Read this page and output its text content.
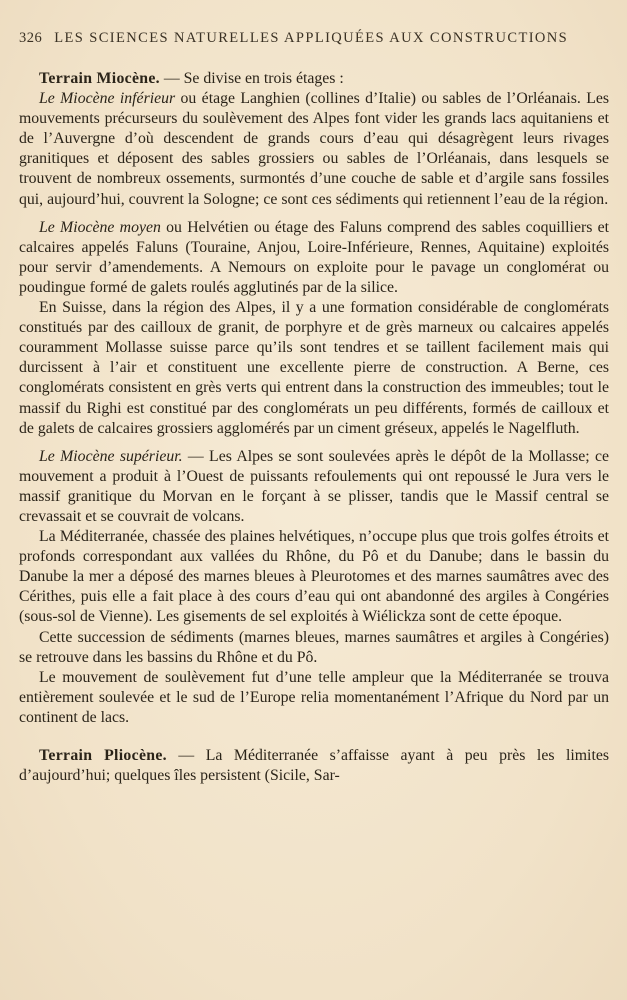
326 LES SCIENCES NATURELLES APPLIQUÉES AUX CONSTRUCTIONS

Terrain Miocène. — Se divise en trois étages :

Le Miocène inférieur ou étage Langhien (collines d’Italie) ou sables de l’Orléanais. Les mouvements précurseurs du soulèvement des Alpes font vider les grands lacs aquitaniens et de l’Auvergne d’où descendent de grands cours d’eau qui désagrègent leurs rivages granitiques et déposent des sables grossiers ou sables de l’Orléanais, dans lesquels se trouvent de nombreux ossements, surmontés d’une couche de sable et d’argile sans fossiles qui, aujourd’hui, couvrent la Sologne; ce sont ces sédiments qui retiennent l’eau de la région.

Le Miocène moyen ou Helvétien ou étage des Faluns comprend des sables coquilliers et calcaires appelés Faluns (Touraine, Anjou, Loire-Inférieure, Rennes, Aquitaine) exploités pour servir d’amendements. A Nemours on exploite pour le pavage un conglomérat ou poudingue formé de galets roulés agglutinés par de la silice.

En Suisse, dans la région des Alpes, il y a une formation considérable de conglomérats constitués par des cailloux de granit, de porphyre et de grès marneux ou calcaires appelés couramment Mollasse suisse parce qu’ils sont tendres et se taillent facilement mais qui durcissent à l’air et constituent une excellente pierre de construction. A Berne, ces conglomérats consistent en grès verts qui entrent dans la construction des immeubles; tout le massif du Righi est constitué par des conglomérats un peu différents, formés de cailloux et de galets de calcaires grossiers agglomérés par un ciment gréseux, appelés le Nagelfluth.

Le Miocène supérieur. — Les Alpes se sont soulevées après le dépôt de la Mollasse; ce mouvement a produit à l’Ouest de puissants refoulements qui ont repoussé le Jura vers le massif granitique du Morvan en le forçant à se plisser, tandis que le Massif central se crevassait et se couvrait de volcans.

La Méditerranée, chassée des plaines helvétiques, n’occupe plus que trois golfes étroits et profonds correspondant aux vallées du Rhône, du Pô et du Danube; dans le bassin du Danube la mer a déposé des marnes bleues à Pleurotomes et des marnes saumâtres avec des Cérithes, puis elle a fait place à des cours d’eau qui ont abandonné des argiles à Congéries (sous-sol de Vienne). Les gisements de sel exploités à Wiélickza sont de cette époque.

Cette succession de sédiments (marnes bleues, marnes saumâtres et argiles à Congéries) se retrouve dans les bassins du Rhône et du Pô.

Le mouvement de soulèvement fut d’une telle ampleur que la Méditerranée se trouva entièrement soulevée et le sud de l’Europe relia momentanément l’Afrique du Nord par un continent de lacs.

Terrain Pliocène. — La Méditerranée s’affaisse ayant à peu près les limites d’aujourd’hui; quelques îles persistent (Sicile, Sar-
